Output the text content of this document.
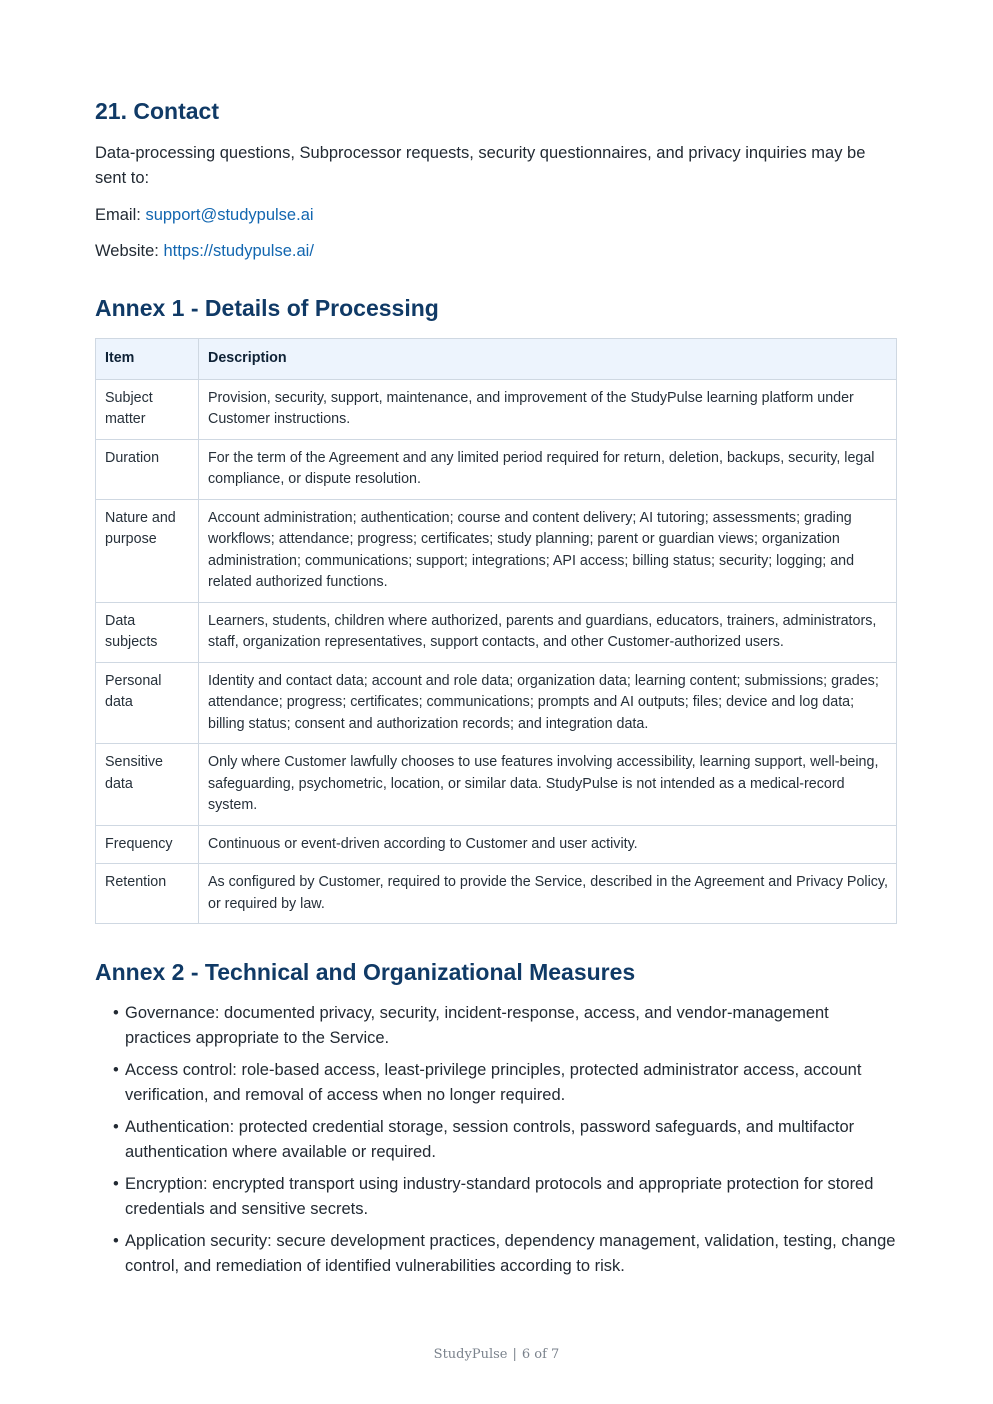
21. Contact

Data-processing questions, Subprocessor requests, security questionnaires, and privacy inquiries may be sent to:

Email: support@studypulse.ai

Website: https://studypulse.ai/

Annex 1 - Details of Processing
Item	Description
Subject matter	Provision, security, support, maintenance, and improvement of the StudyPulse learning platform under Customer instructions.
Duration	For the term of the Agreement and any limited period required for return, deletion, backups, security, legal compliance, or dispute resolution.
Nature and purpose	Account administration; authentication; course and content delivery; AI tutoring; assessments; grading workflows; attendance; progress; certificates; study planning; parent or guardian views; organization administration; communications; support; integrations; API access; billing status; security; logging; and related authorized functions.
Data subjects	Learners, students, children where authorized, parents and guardians, educators, trainers, administrators, staff, organization representatives, support contacts, and other Customer-authorized users.
Personal data	Identity and contact data; account and role data; organization data; learning content; submissions; grades; attendance; progress; certificates; communications; prompts and AI outputs; files; device and log data; billing status; consent and authorization records; and integration data.
Sensitive data	Only where Customer lawfully chooses to use features involving accessibility, learning support, well-being, safeguarding, psychometric, location, or similar data. StudyPulse is not intended as a medical-record system.
Frequency	Continuous or event-driven according to Customer and user activity.
Retention	As configured by Customer, required to provide the Service, described in the Agreement and Privacy Policy, or required by law.
Annex 2 - Technical and Organizational Measures
• Governance: documented privacy, security, incident-response, access, and vendor-management practices appropriate to the Service.
• Access control: role-based access, least-privilege principles, protected administrator access, account verification, and removal of access when no longer required.
• Authentication: protected credential storage, session controls, password safeguards, and multifactor authentication where available or required.
• Encryption: encrypted transport using industry-standard protocols and appropriate protection for stored credentials and sensitive secrets.
• Application security: secure development practices, dependency management, validation, testing, change control, and remediation of identified vulnerabilities according to risk.
StudyPulse | 6 of 7
